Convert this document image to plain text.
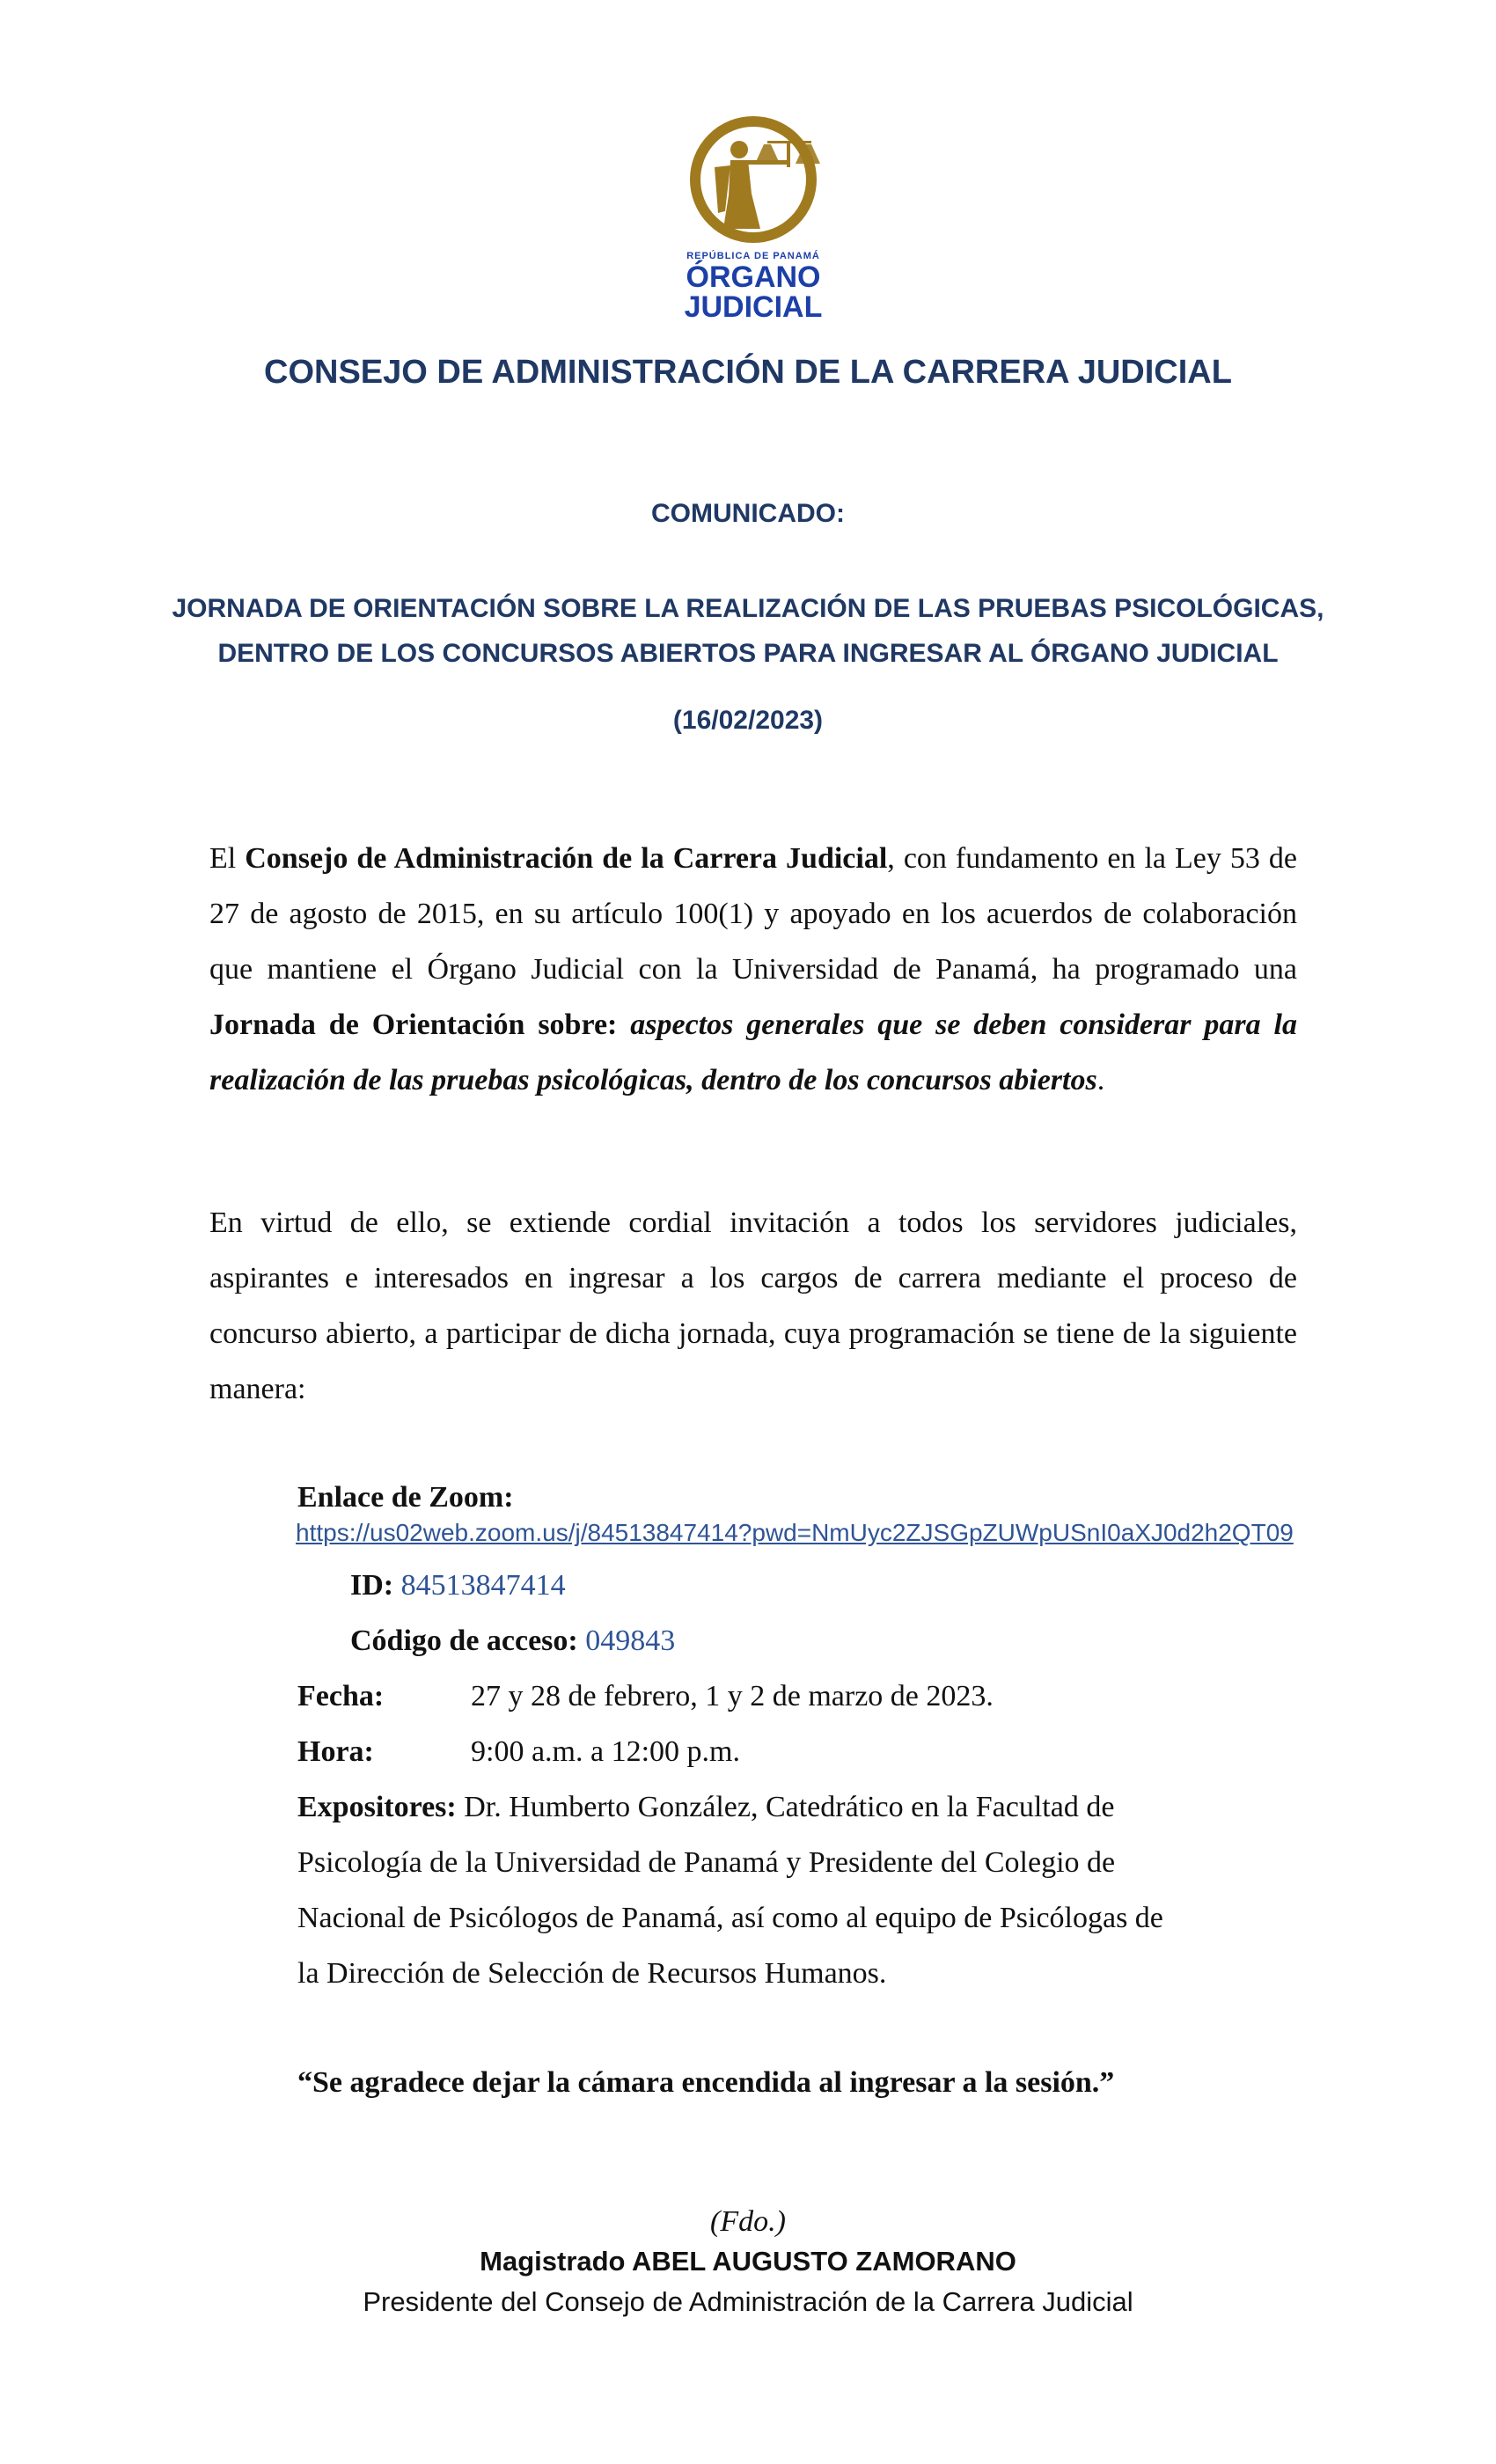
REPÚBLICA DE PANAMÁ
ÓRGANO
JUDICIAL
CONSEJO DE ADMINISTRACIÓN DE LA CARRERA JUDICIAL
COMUNICADO:
JORNADA DE ORIENTACIÓN SOBRE LA REALIZACIÓN DE LAS PRUEBAS PSICOLÓGICAS,
DENTRO DE LOS CONCURSOS ABIERTOS PARA INGRESAR AL ÓRGANO JUDICIAL
(16/02/2023)

El Consejo de Administración de la Carrera Judicial, con fundamento en la Ley 53 de 27 de agosto de 2015, en su artículo 100(1) y apoyado en los acuerdos de colaboración que mantiene el Órgano Judicial con la Universidad de Panamá, ha programado una Jornada de Orientación sobre: aspectos generales que se deben considerar para la realización de las pruebas psicológicas, dentro de los concursos abiertos.

En virtud de ello, se extiende cordial invitación a todos los servidores judiciales, aspirantes e interesados en ingresar a los cargos de carrera mediante el proceso de concurso abierto, a participar de dicha jornada, cuya programación se tiene de la siguiente manera:

Enlace de Zoom:
https://us02web.zoom.us/j/84513847414?pwd=NmUyc2ZJSGpZUWpUSnI0aXJ0d2h2QT09
ID: 84513847414
Código de acceso: 049843
Fecha:	27 y 28 de febrero, 1 y 2 de marzo de 2023.
Hora:	9:00 a.m. a 12:00 p.m.

Expositores: Dr. Humberto González, Catedrático en la Facultad de Psicología de la Universidad de Panamá y Presidente del Colegio de Nacional de Psicólogos de Panamá, así como al equipo de Psicólogas de la Dirección de Selección de Recursos Humanos.

“Se agradece dejar la cámara encendida al ingresar a la sesión.”
(Fdo.)
Magistrado ABEL AUGUSTO ZAMORANO
Presidente del Consejo de Administración de la Carrera Judicial
